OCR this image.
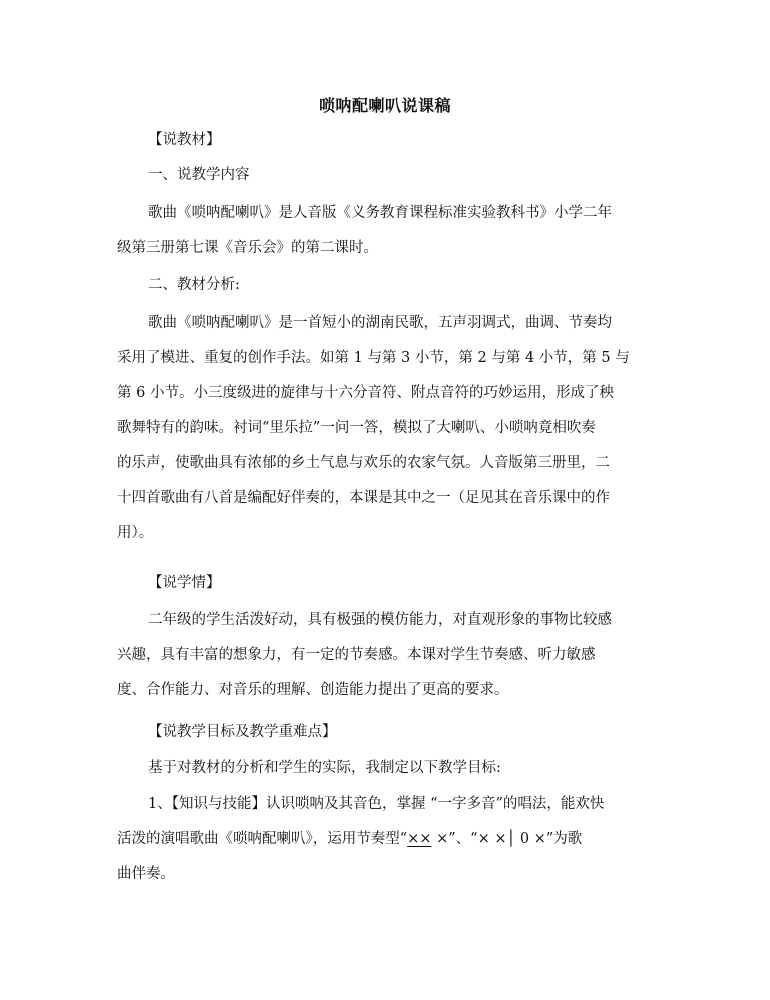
唢呐配喇叭说课稿
【说教材】
一、说教学内容
歌曲《唢呐配喇叭》是人音版《义务教育课程标准实验教科书》小学二年
级第三册第七课《音乐会》的第二课时。
二、教材分析:
歌曲《唢呐配喇叭》是一首短小的湖南民歌，五声羽调式，曲调、节奏均
采用了模进、重复的创作手法。如第 1 与第 3 小节，第 2 与第 4 小节，第 5 与
第 6 小节。小三度级进的旋律与十六分音符、附点音符的巧妙运用，形成了秧
歌舞特有的韵味。衬词“里乐拉”一问一答，模拟了大喇叭、小唢呐竟相吹奏
的乐声，使歌曲具有浓郁的乡土气息与欢乐的农家气氛。人音版第三册里，二
十四首歌曲有八首是编配好伴奏的，本课是其中之一（足见其在音乐课中的作
用）。
【说学情】
二年级的学生活泼好动，具有极强的模仿能力，对直观形象的事物比较感
兴趣，具有丰富的想象力，有一定的节奏感。本课对学生节奏感、听力敏感
度、合作能力、对音乐的理解、创造能力提出了更高的要求。
【说教学目标及教学重难点】
基于对教材的分析和学生的实际，我制定以下教学目标:
1、【知识与技能】认识唢呐及其音色，掌握 “一字多音”的唱法，能欢快
活泼的演唱歌曲《唢呐配喇叭》，运用节奏型“×× ×”、“× ×│ 0 ×”为歌
曲伴奏。
